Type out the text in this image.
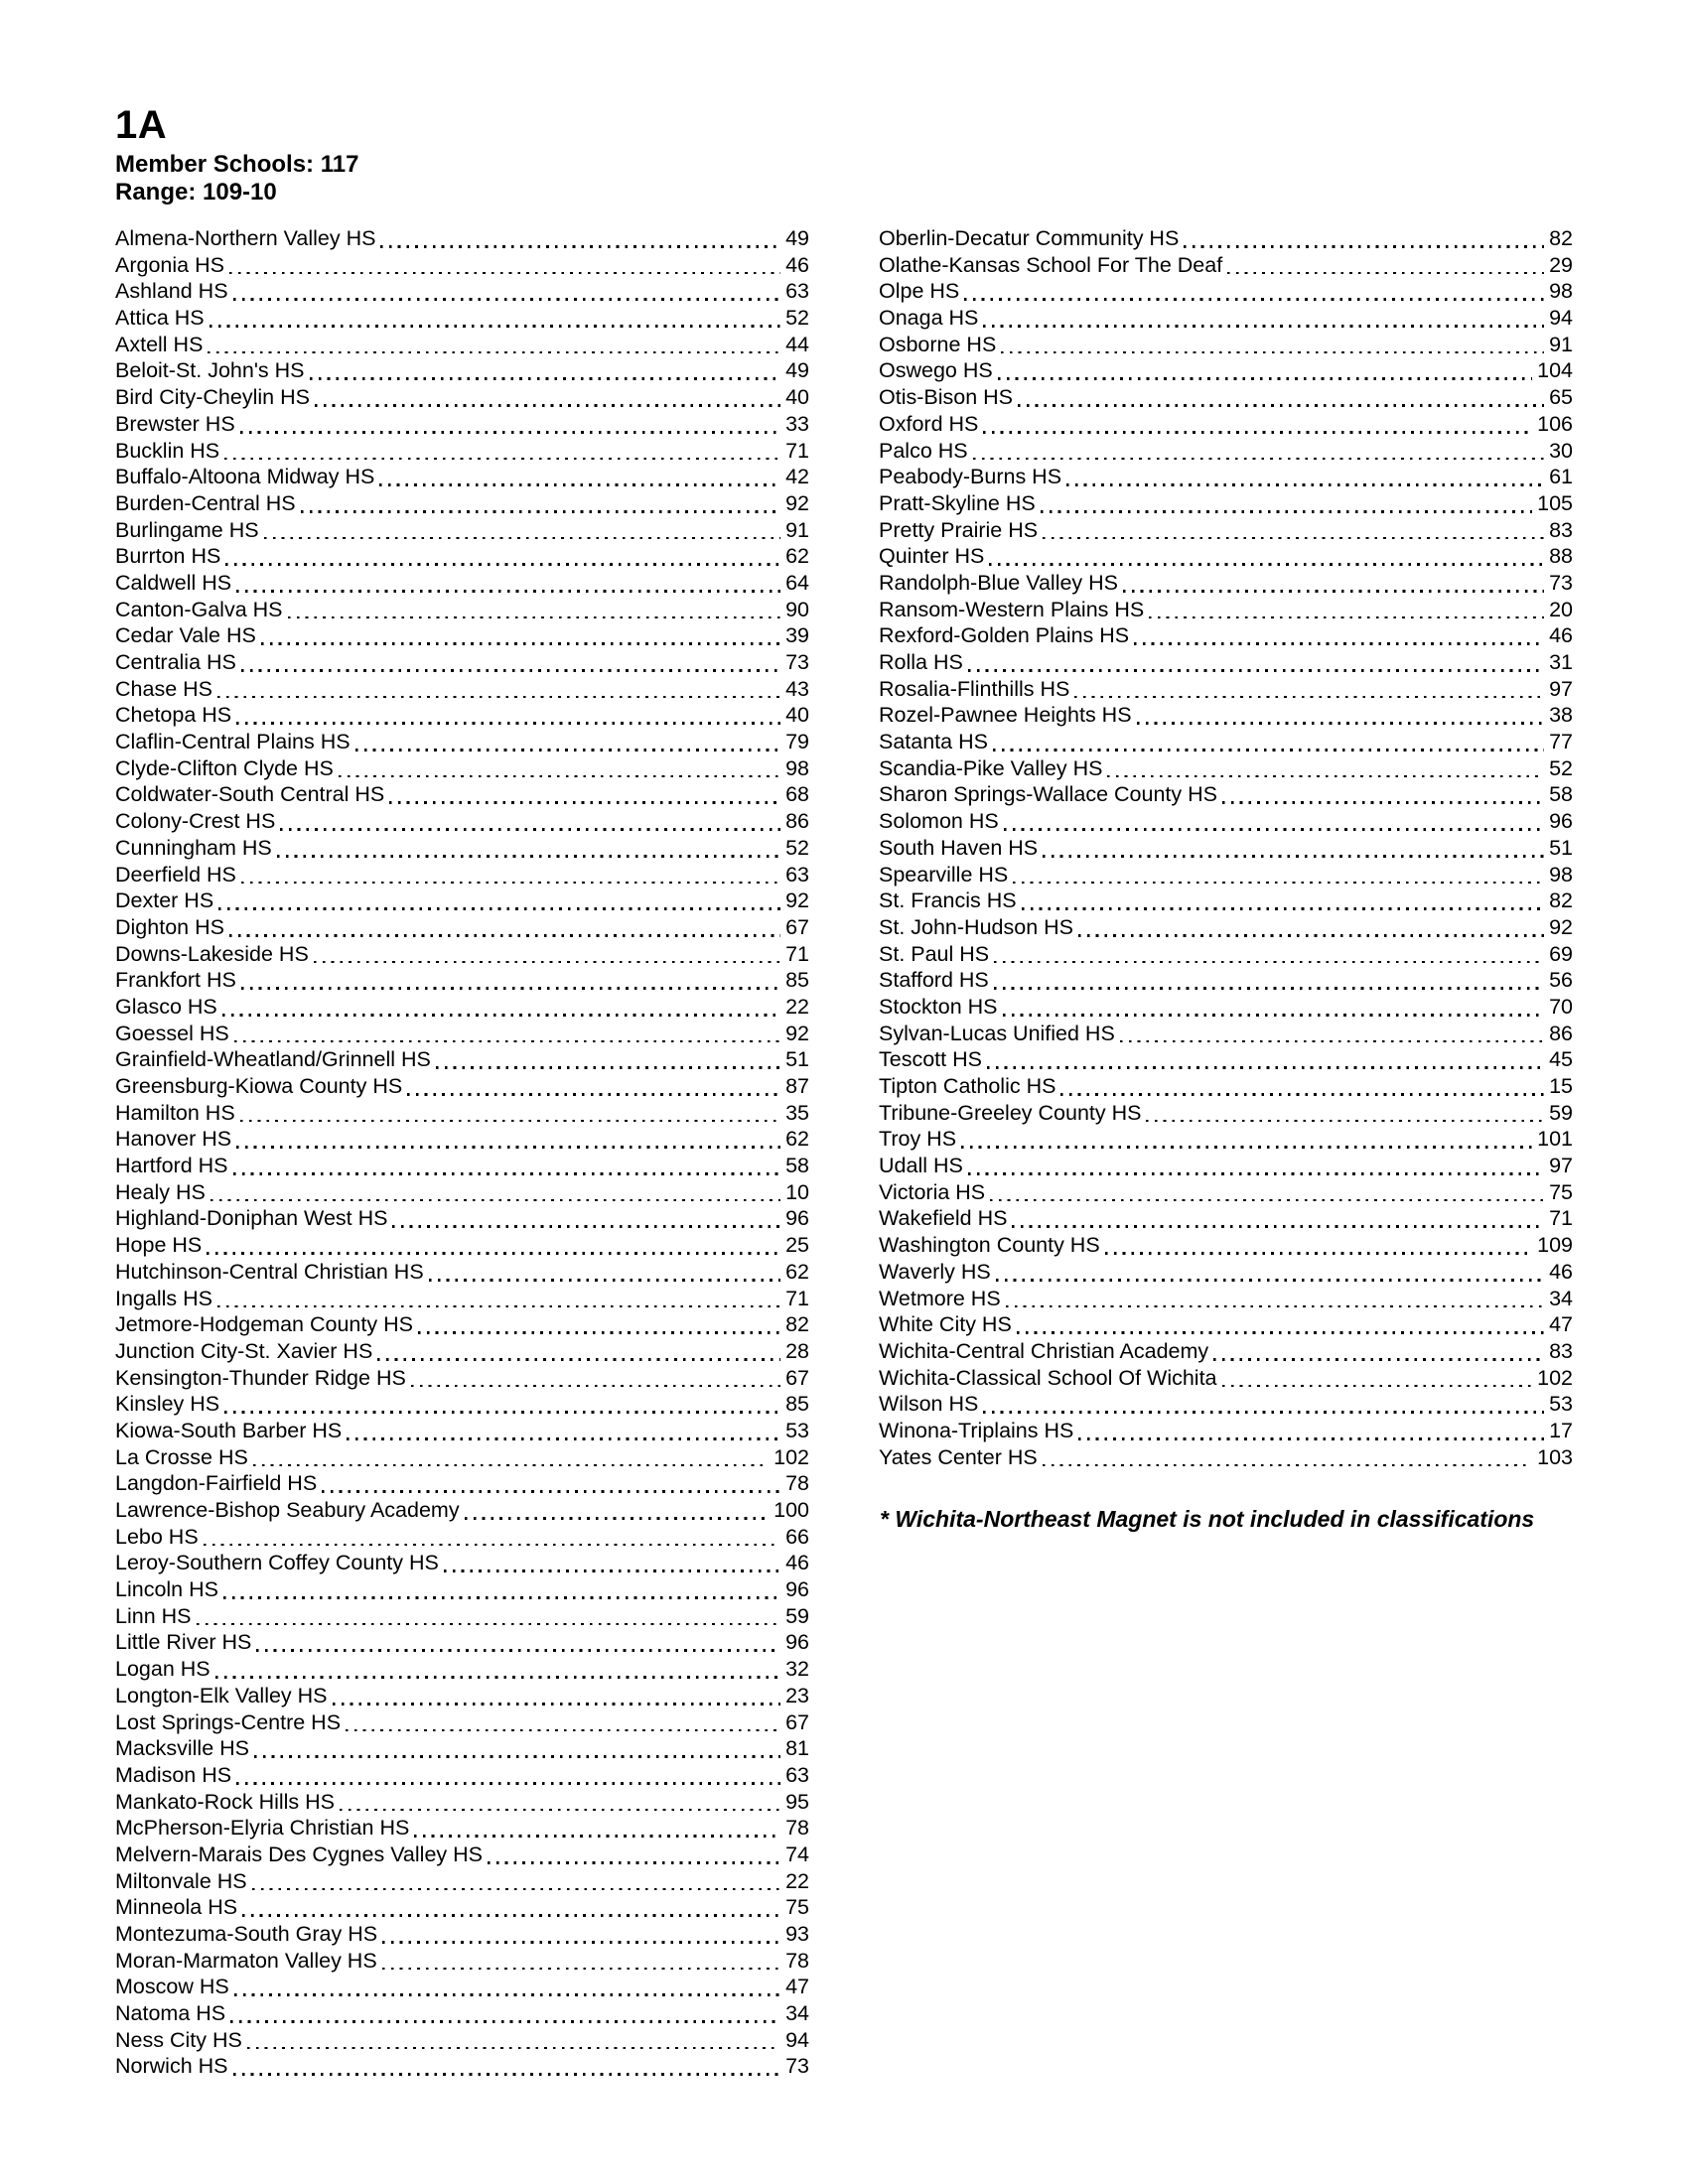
1A
Member Schools: 117
Range: 109-10
Almena-Northern Valley HS	49
Argonia HS	46
Ashland HS	63
Attica HS	52
Axtell HS	44
Beloit-St. John's HS	49
Bird City-Cheylin HS	40
Brewster HS	33
Bucklin HS	71
Buffalo-Altoona Midway HS	42
Burden-Central HS	92
Burlingame HS	91
Burrton HS	62
Caldwell HS	64
Canton-Galva HS	90
Cedar Vale HS	39
Centralia HS	73
Chase HS	43
Chetopa HS	40
Claflin-Central Plains HS	79
Clyde-Clifton Clyde HS	98
Coldwater-South Central HS	68
Colony-Crest HS	86
Cunningham HS	52
Deerfield HS	63
Dexter HS	92
Dighton HS	67
Downs-Lakeside HS	71
Frankfort HS	85
Glasco HS	22
Goessel HS	92
Grainfield-Wheatland/Grinnell HS	51
Greensburg-Kiowa County HS	87
Hamilton HS	35
Hanover HS	62
Hartford HS	58
Healy HS	10
Highland-Doniphan West HS	96
Hope HS	25
Hutchinson-Central Christian HS	62
Ingalls HS	71
Jetmore-Hodgeman County HS	82
Junction City-St. Xavier HS	28
Kensington-Thunder Ridge HS	67
Kinsley HS	85
Kiowa-South Barber HS	53
La Crosse HS	102
Langdon-Fairfield HS	78
Lawrence-Bishop Seabury Academy	100
Lebo HS	66
Leroy-Southern Coffey County HS	46
Lincoln HS	96
Linn HS	59
Little River HS	96
Logan HS	32
Longton-Elk Valley HS	23
Lost Springs-Centre HS	67
Macksville HS	81
Madison HS	63
Mankato-Rock Hills HS	95
McPherson-Elyria Christian HS	78
Melvern-Marais Des Cygnes Valley HS	74
Miltonvale HS	22
Minneola HS	75
Montezuma-South Gray HS	93
Moran-Marmaton Valley HS	78
Moscow HS	47
Natoma HS	34
Ness City HS	94
Norwich HS	73
Oberlin-Decatur Community HS	82
Olathe-Kansas School For The Deaf	29
Olpe HS	98
Onaga HS	94
Osborne HS	91
Oswego HS	104
Otis-Bison HS	65
Oxford HS	106
Palco HS	30
Peabody-Burns HS	61
Pratt-Skyline HS	105
Pretty Prairie HS	83
Quinter HS	88
Randolph-Blue Valley HS	73
Ransom-Western Plains HS	20
Rexford-Golden Plains HS	46
Rolla HS	31
Rosalia-Flinthills HS	97
Rozel-Pawnee Heights HS	38
Satanta HS	77
Scandia-Pike Valley HS	52
Sharon Springs-Wallace County HS	58
Solomon HS	96
South Haven HS	51
Spearville HS	98
St. Francis HS	82
St. John-Hudson HS	92
St. Paul HS	69
Stafford HS	56
Stockton HS	70
Sylvan-Lucas Unified HS	86
Tescott HS	45
Tipton Catholic HS	15
Tribune-Greeley County HS	59
Troy HS	101
Udall HS	97
Victoria HS	75
Wakefield HS	71
Washington County HS	109
Waverly HS	46
Wetmore HS	34
White City HS	47
Wichita-Central Christian Academy	83
Wichita-Classical School Of Wichita	102
Wilson HS	53
Winona-Triplains HS	17
Yates Center HS	103
* Wichita-Northeast Magnet is not included in classifications
